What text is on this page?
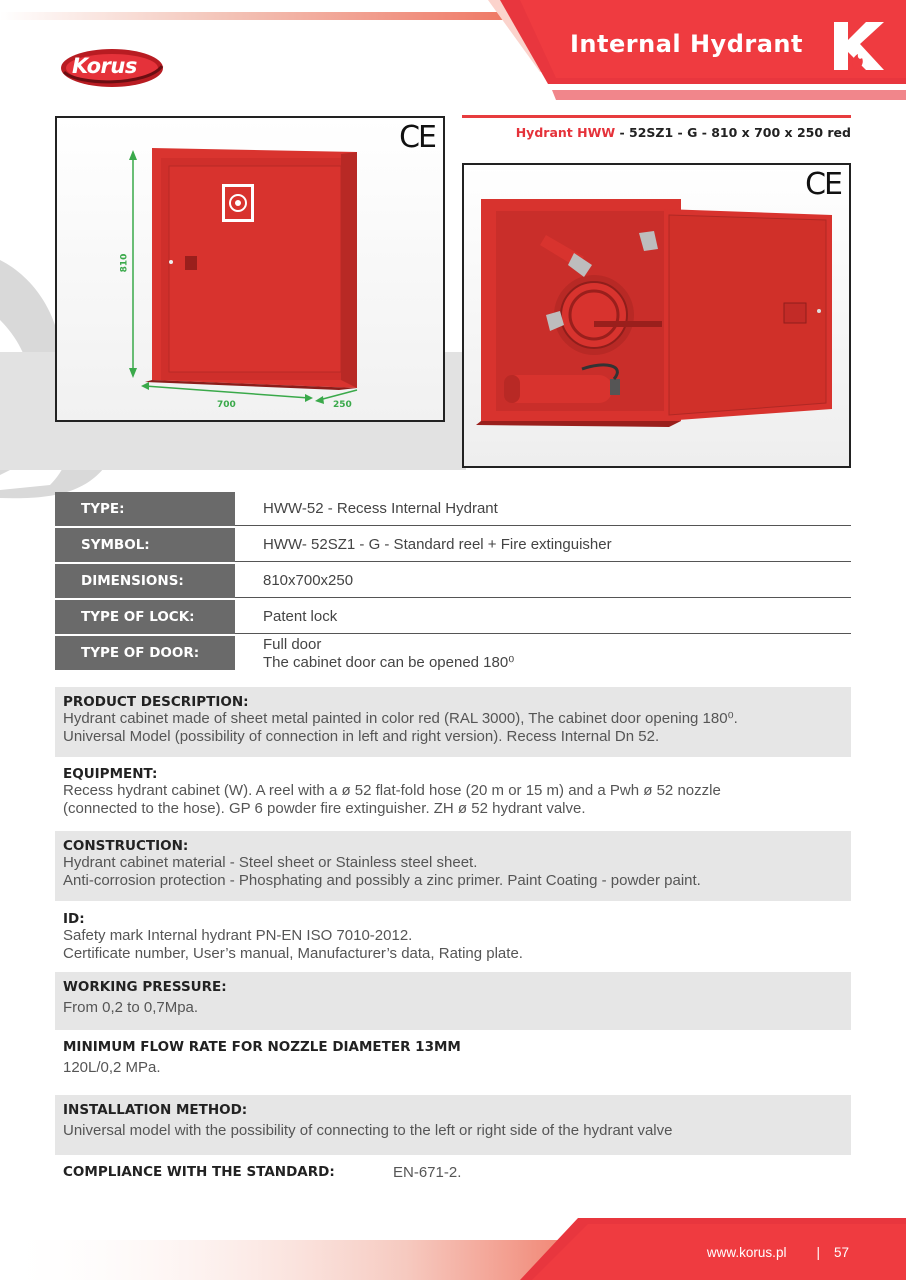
Internal Hydrant
Korus
CE
810
700	250
Hydrant HWW - 52SZ1 - G - 810 x 700 x 250 red
CE
TYPE:	HWW-52 - Recess Internal Hydrant
SYMBOL:	HWW- 52SZ1 - G - Standard reel + Fire extinguisher
DIMENSIONS:	810x700x250
TYPE OF LOCK:	Patent lock
TYPE OF DOOR:	Full door
The cabinet door can be opened 180⁰
PRODUCT DESCRIPTION:
Hydrant cabinet made of sheet metal painted in color red (RAL 3000), The cabinet door opening 180⁰.
Universal Model (possibility of connection in left and right version). Recess Internal Dn 52.
EQUIPMENT:
Recess hydrant cabinet (W). A reel with a ø 52 flat-fold hose (20 m or 15 m) and a Pwh ø 52 nozzle
(connected to the hose). GP 6 powder fire extinguisher. ZH ø 52 hydrant valve.
CONSTRUCTION:
Hydrant cabinet material - Steel sheet or Stainless steel sheet.
Anti-corrosion protection - Phosphating and possibly a zinc primer. Paint Coating - powder paint.
ID:
Safety mark Internal hydrant PN-EN ISO 7010-2012.
Certificate number, User’s manual, Manufacturer’s data, Rating plate.
WORKING PRESSURE:
From 0,2 to 0,7Mpa.
MINIMUM FLOW RATE FOR NOZZLE DIAMETER 13MM
120L/0,2 MPa.
INSTALLATION METHOD:
Universal model with the possibility of connecting to the left or right side of the hydrant valve
COMPLIANCE WITH THE STANDARD:	EN-671-2.
www.korus.pl | 57
